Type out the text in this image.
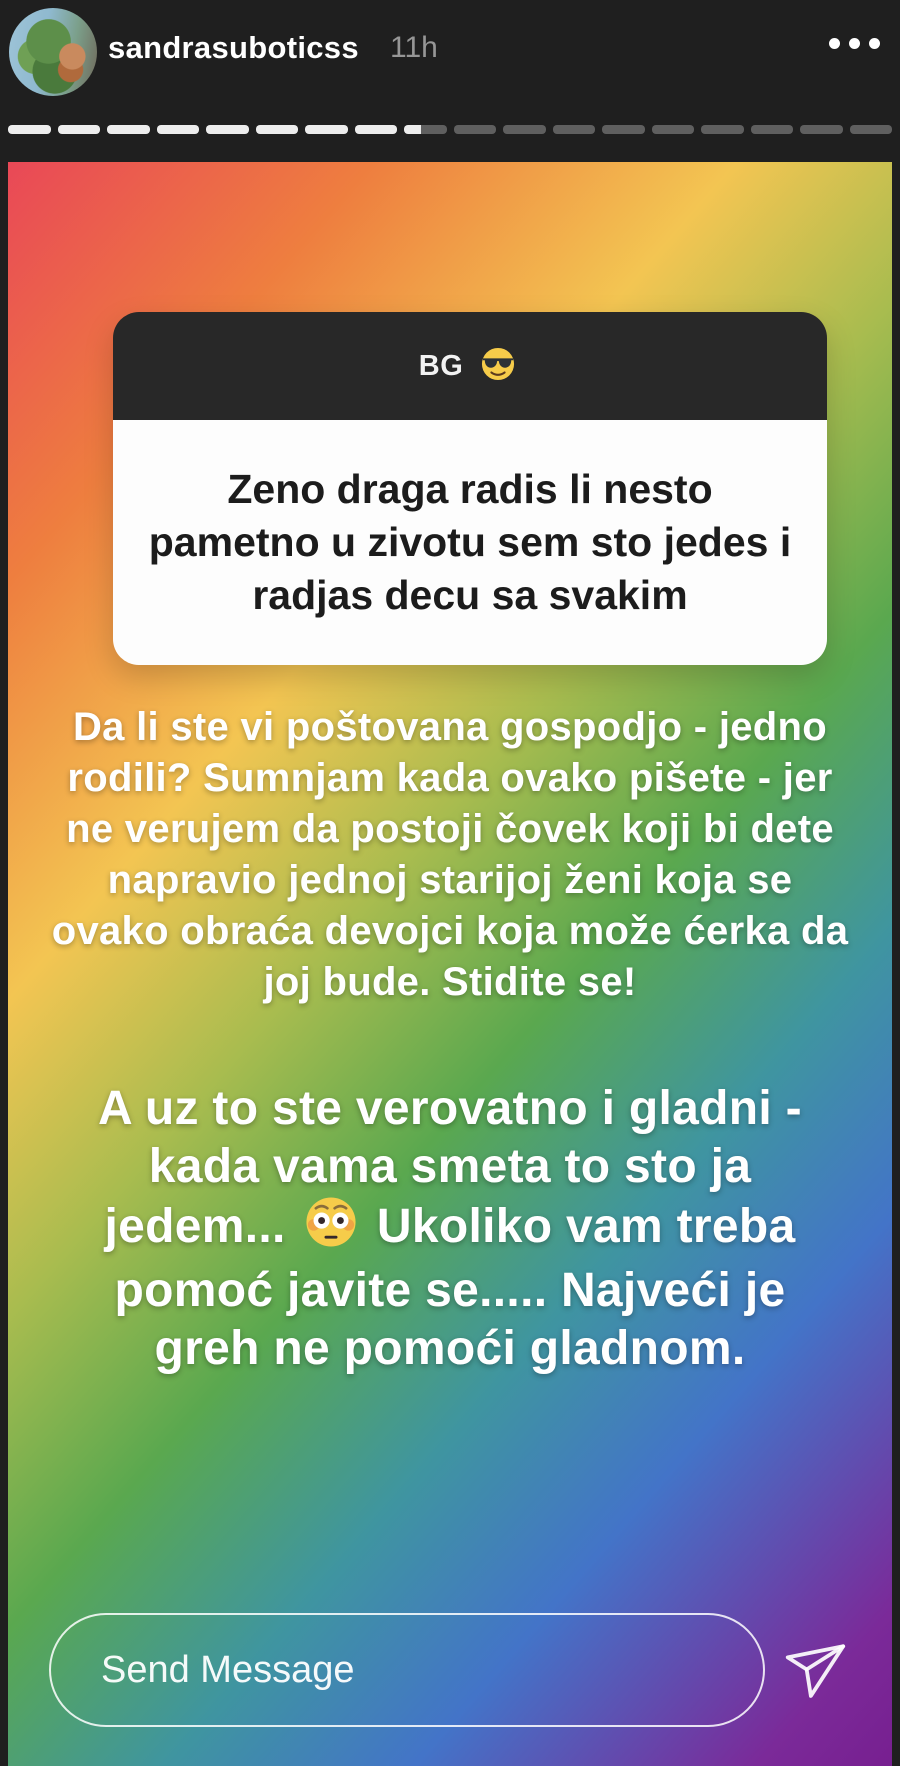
sandrasuboticss 11h
BG
Zeno draga radis li nesto
pametno u zivotu sem sto jedes i
radjas decu sa svakim
Da li ste vi poštovana gospodjo - jedno
rodili? Sumnjam kada ovako pišete - jer
ne verujem da postoji čovek koji bi dete
napravio jednoj starijoj ženi koja se
ovako obraća devojci koja može ćerka da
joj bude. Stidite se!
A uz to ste verovatno i gladni -
kada vama smeta to sto ja
jedem... Ukoliko vam treba
pomoć javite se..... Najveći je
greh ne pomoći gladnom.
Send Message
